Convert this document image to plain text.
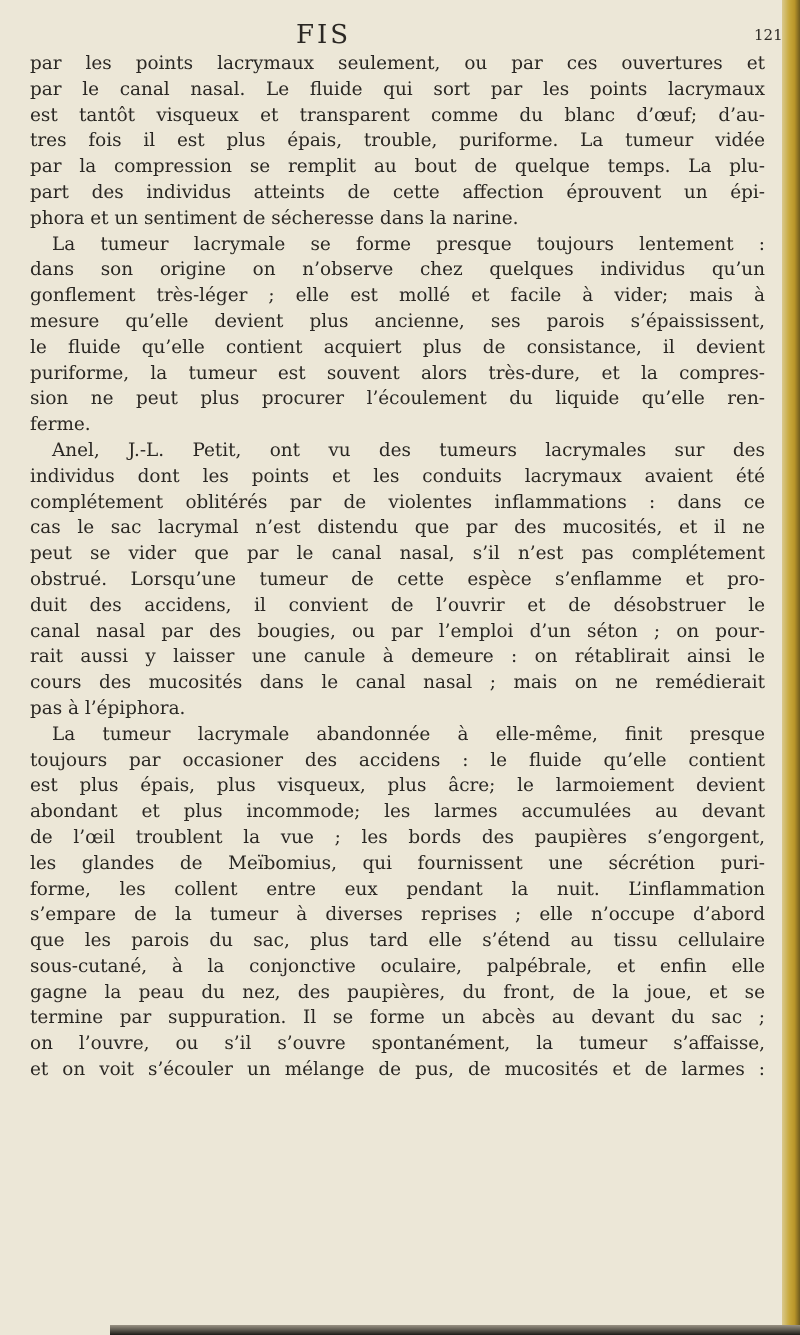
FIS	121
par les points lacrymaux seulement, ou par ces ouvertures et
par le canal nasal. Le fluide qui sort par les points lacrymaux
est tantôt visqueux et transparent comme du blanc d’œuf; d’au-
tres fois il est plus épais, trouble, puriforme. La tumeur vidée
par la compression se remplit au bout de quelque temps. La plu-
part des individus atteints de cette affection éprouvent un épi-
phora et un sentiment de sécheresse dans la narine.
La tumeur lacrymale se forme presque toujours lentement :
dans son origine on n’observe chez quelques individus qu’un
gonflement très-léger ; elle est mollé et facile à vider; mais à
mesure qu’elle devient plus ancienne, ses parois s’épaississent,
le fluide qu’elle contient acquiert plus de consistance, il devient
puriforme, la tumeur est souvent alors très-dure, et la compres-
sion ne peut plus procurer l’écoulement du liquide qu’elle ren-
ferme.
Anel, J.-L. Petit, ont vu des tumeurs lacrymales sur des
individus dont les points et les conduits lacrymaux avaient été
complétement oblitérés par de violentes inflammations : dans ce
cas le sac lacrymal n’est distendu que par des mucosités, et il ne
peut se vider que par le canal nasal, s’il n’est pas complétement
obstrué. Lorsqu’une tumeur de cette espèce s’enflamme et pro-
duit des accidens, il convient de l’ouvrir et de désobstruer le
canal nasal par des bougies, ou par l’emploi d’un séton ; on pour-
rait aussi y laisser une canule à demeure : on rétablirait ainsi le
cours des mucosités dans le canal nasal ; mais on ne remédierait
pas à l’épiphora.
La tumeur lacrymale abandonnée à elle-même, finit presque
toujours par occasioner des accidens : le fluide qu’elle contient
est plus épais, plus visqueux, plus âcre; le larmoiement devient
abondant et plus incommode; les larmes accumulées au devant
de l’œil troublent la vue ; les bords des paupières s’engorgent,
les glandes de Meïbomius, qui fournissent une sécrétion puri-
forme, les collent entre eux pendant la nuit. L’inflammation
s’empare de la tumeur à diverses reprises ; elle n’occupe d’abord
que les parois du sac, plus tard elle s’étend au tissu cellulaire
sous-cutané, à la conjonctive oculaire, palpébrale, et enfin elle
gagne la peau du nez, des paupières, du front, de la joue, et se
termine par suppuration. Il se forme un abcès au devant du sac ;
on l’ouvre, ou s’il s’ouvre spontanément, la tumeur s’affaisse,
et on voit s’écouler un mélange de pus, de mucosités et de larmes :
